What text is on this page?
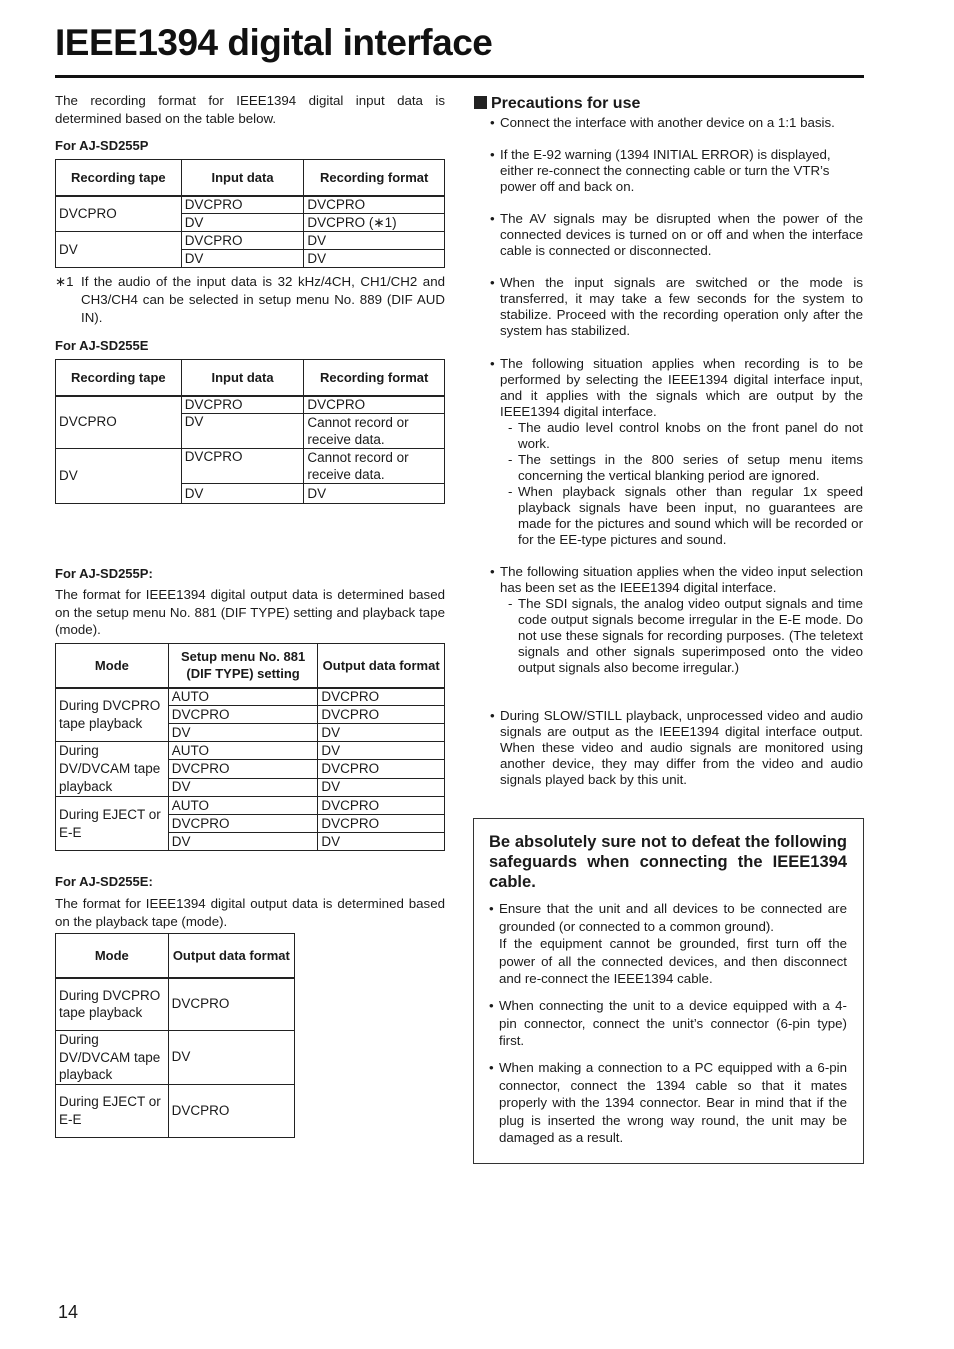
IEEE1394 digital interface

The recording format for IEEE1394 digital input data is determined based on the table below.

For AJ-SD255P

Recording tape	Input data	Recording format
DVCPRO	DVCPRO	DVCPRO
	DV	DVCPRO (∗1)
DV	DVCPRO	DV
	DV	DV
∗1 If the audio of the input data is 32 kHz/4CH, CH1/CH2 and CH3/CH4 can be selected in setup menu No. 889 (DIF AUD IN).

For AJ-SD255E

Recording tape	Input data	Recording format
DVCPRO	DVCPRO	DVCPRO
	DV	Cannot record or receive data.
DV	DVCPRO	Cannot record or receive data.
	DV	DV

For AJ-SD255P:

The format for IEEE1394 digital output data is determined based on the setup menu No. 881 (DIF TYPE) setting and playback tape (mode).

Mode	Setup menu No. 881 (DIF TYPE) setting	Output data format
During DVCPRO tape playback	AUTO	DVCPRO
	DVCPRO	DVCPRO
	DV	DV
During DV/DVCAM tape playback	AUTO	DV
	DVCPRO	DVCPRO
	DV	DV
During EJECT or E-E	AUTO	DVCPRO
	DVCPRO	DVCPRO
	DV	DV

For AJ-SD255E:

The format for IEEE1394 digital output data is determined based on the playback tape (mode).

Mode	Output data format
During DVCPRO tape playback	DVCPRO
During DV/DVCAM tape playback	DV
During EJECT or E-E	DVCPRO

Precautions for use

• Connect the interface with another device on a 1:1 basis.
• If the E-92 warning (1394 INITIAL ERROR) is displayed, either re-connect the connecting cable or turn the VTR’s power off and back on.
• The AV signals may be disrupted when the power of the connected devices is turned on or off and when the interface cable is connected or disconnected.
• When the input signals are switched or the mode is transferred, it may take a few seconds for the system to stabilize. Proceed with the recording operation only after the system has stabilized.
• The following situation applies when recording is to be performed by selecting the IEEE1394 digital interface input, and it applies with the signals which are output by the IEEE1394 digital interface.
- The audio level control knobs on the front panel do not work.
- The settings in the 800 series of setup menu items concerning the vertical blanking period are ignored.
- When playback signals other than regular 1x speed playback signals have been input, no guarantees are made for the pictures and sound which will be recorded or for the EE-type pictures and sound.
• The following situation applies when the video input selection has been set as the IEEE1394 digital interface.
- The SDI signals, the analog video output signals and time code output signals become irregular in the E-E mode. Do not use these signals for recording purposes. (The teletext signals and other signals superimposed onto the video output signals also become irregular.)
• During SLOW/STILL playback, unprocessed video and audio signals are output as the IEEE1394 digital interface output. When these video and audio signals are monitored using another device, they may differ from the video and audio signals played back by this unit.

Be absolutely sure not to defeat the following safeguards when connecting the IEEE1394 cable.

• Ensure that the unit and all devices to be connected are grounded (or connected to a common ground).
If the equipment cannot be grounded, first turn off the power of all the connected devices, and then disconnect and re-connect the IEEE1394 cable.
• When connecting the unit to a device equipped with a 4-pin connector, connect the unit’s connector (6-pin type) first.
• When making a connection to a PC equipped with a 6-pin connector, connect the 1394 cable so that it mates properly with the 1394 connector. Bear in mind that if the plug is inserted the wrong way round, the unit may be damaged as a result.
14
